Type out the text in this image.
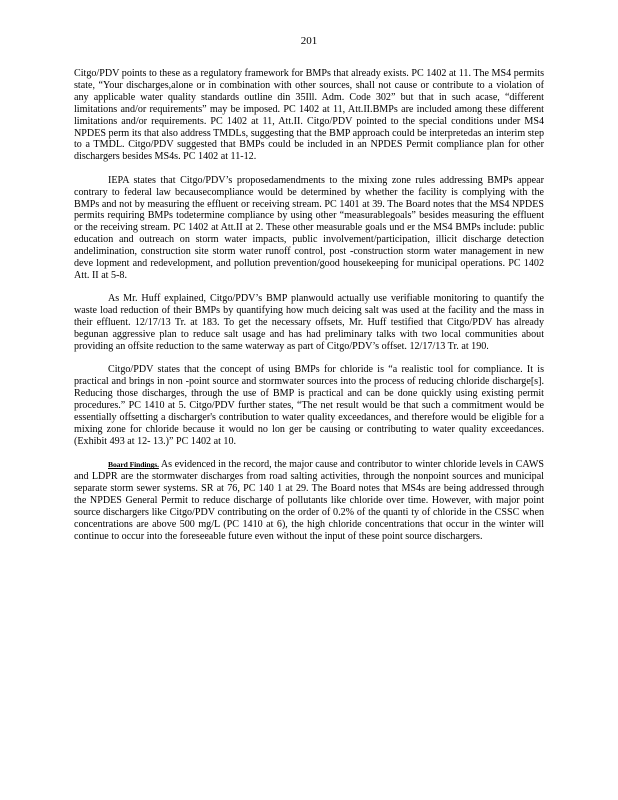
201

Citgo/PDV points to these as a regulatory framework for BMPs that already exists. PC 1402 at 11. The MS4 permits state, “Your discharges,alone or in combination with other sources, shall not cause or contribute to a violation of any applicable water quality standards outline din 35Ill. Adm. Code 302” but that in such acase, “different limitations and/or requirements” may be imposed. PC 1402 at 11, Att.II.BMPs are included among these different limitations and/or requirements. PC 1402 at 11, Att.II. Citgo/PDV pointed to the special conditions under MS4 NPDES perm its that also address TMDLs, suggesting that the BMP approach could be interpretedas an interim step to a TMDL. Citgo/PDV suggested that BMPs could be included in an NPDES Permit compliance plan for other dischargers besides MS4s. PC 1402 at 11-12.

IEPA states that Citgo/PDV’s proposedamendments to the mixing zone rules addressing BMPs appear contrary to federal law becausecompliance would be determined by whether the facility is complying with the BMPs and not by measuring the effluent or receiving stream. PC 1401 at 39. The Board notes that the MS4 NPDES permits requiring BMPs todetermine compliance by using other “measurablegoals” besides measuring the effluent or the receiving stream. PC 1402 at Att.II at 2. These other measurable goals und er the MS4 BMPs include: public education and outreach on storm water impacts, public involvement/participation, illicit discharge detection andelimination, construction site storm water runoff control, post -construction storm water management in new deve lopment and redevelopment, and pollution prevention/good housekeeping for municipal operations. PC 1402 Att. II at 5-8.

As Mr. Huff explained, Citgo/PDV’s BMP planwould actually use verifiable monitoring to quantify the waste load reduction of their BMPs by quantifying how much deicing salt was used at the facility and the mass in their effluent. 12/17/13 Tr. at 183. To get the necessary offsets, Mr. Huff testified that Citgo/PDV has already begunan aggressive plan to reduce salt usage and has had preliminary talks with two local communities about providing an offsite reduction to the same waterway as part of Citgo/PDV’s offset. 12/17/13 Tr. at 190.

Citgo/PDV states that the concept of using BMPs for chloride is “a realistic tool for compliance. It is practical and brings in non -point source and stormwater sources into the process of reducing chloride discharge[s]. Reducing those discharges, through the use of BMP is practical and can be done quickly using existing permit procedures.” PC 1410 at 5. Citgo/PDV further states, “The net result would be that such a commitment would be essentially offsetting a discharger's contribution to water quality exceedances, and therefore would be eligible for a mixing zone for chloride because it would no lon ger be causing or contributing to water quality exceedances. (Exhibit 493 at 12- 13.)” PC 1402 at 10.

Board Findings. As evidenced in the record, the major cause and contributor to winter chloride levels in CAWS and LDPR are the stormwater discharges from road salting activities, through the nonpoint sources and municipal separate storm sewer systems. SR at 76, PC 140 1 at 29. The Board notes that MS4s are being addressed through the NPDES General Permit to reduce discharge of pollutants like chloride over time. However, with major point source dischargers like Citgo/PDV contributing on the order of 0.2% of the quanti ty of chloride in the CSSC when concentrations are above 500 mg/L (PC 1410 at 6), the high chloride concentrations that occur in the winter will continue to occur into the foreseeable future even without the input of these point source dischargers.
